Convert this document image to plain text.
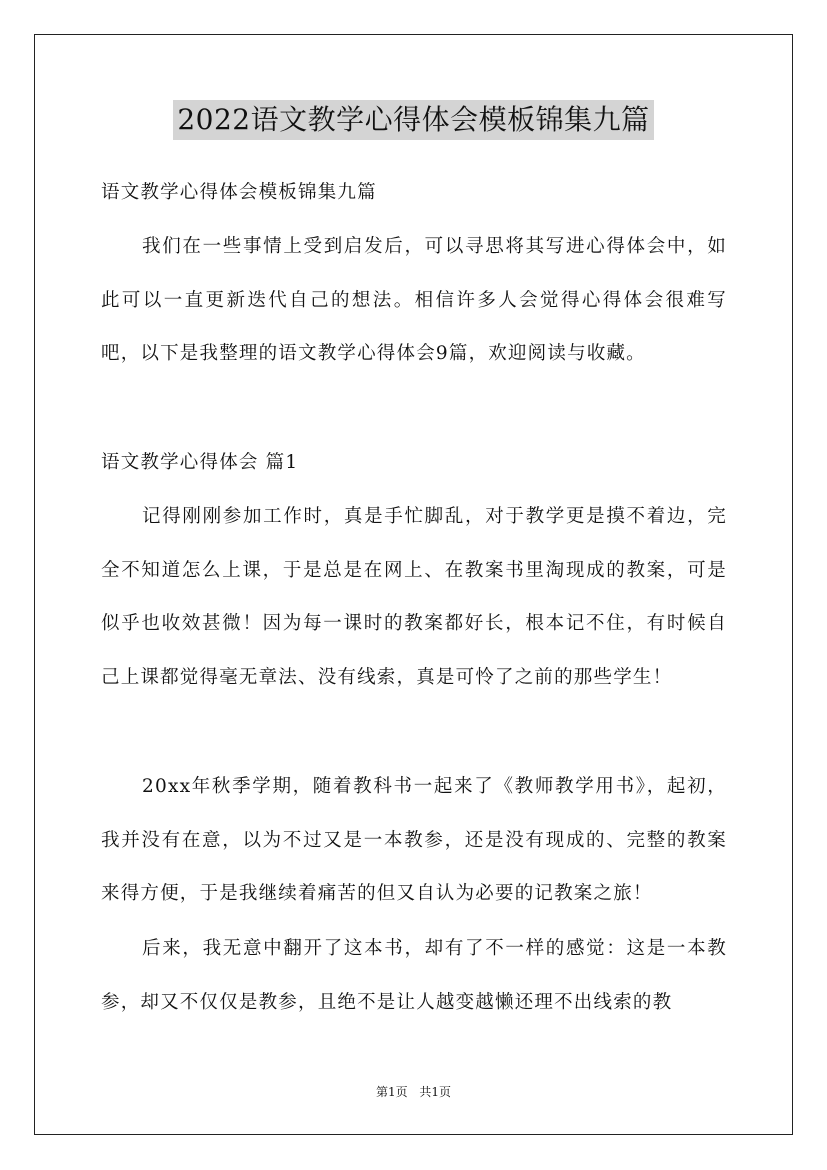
2022语文教学心得体会模板锦集九篇
语文教学心得体会模板锦集九篇

我们在一些事情上受到启发后，可以寻思将其写进心得体会中，如此可以一直更新迭代自己的想法。相信许多人会觉得心得体会很难写吧，以下是我整理的语文教学心得体会9篇，欢迎阅读与收藏。

语文教学心得体会 篇1

记得刚刚参加工作时，真是手忙脚乱，对于教学更是摸不着边，完全不知道怎么上课，于是总是在网上、在教案书里淘现成的教案，可是似乎也收效甚微！因为每一课时的教案都好长，根本记不住，有时候自己上课都觉得毫无章法、没有线索，真是可怜了之前的那些学生！

20xx年秋季学期，随着教科书一起来了《教师教学用书》，起初，我并没有在意，以为不过又是一本教参，还是没有现成的、完整的教案来得方便，于是我继续着痛苦的但又自认为必要的记教案之旅！

后来，我无意中翻开了这本书，却有了不一样的感觉：这是一本教参，却又不仅仅是教参，且绝不是让人越变越懒还理不出线索的教

第1页 共1页
